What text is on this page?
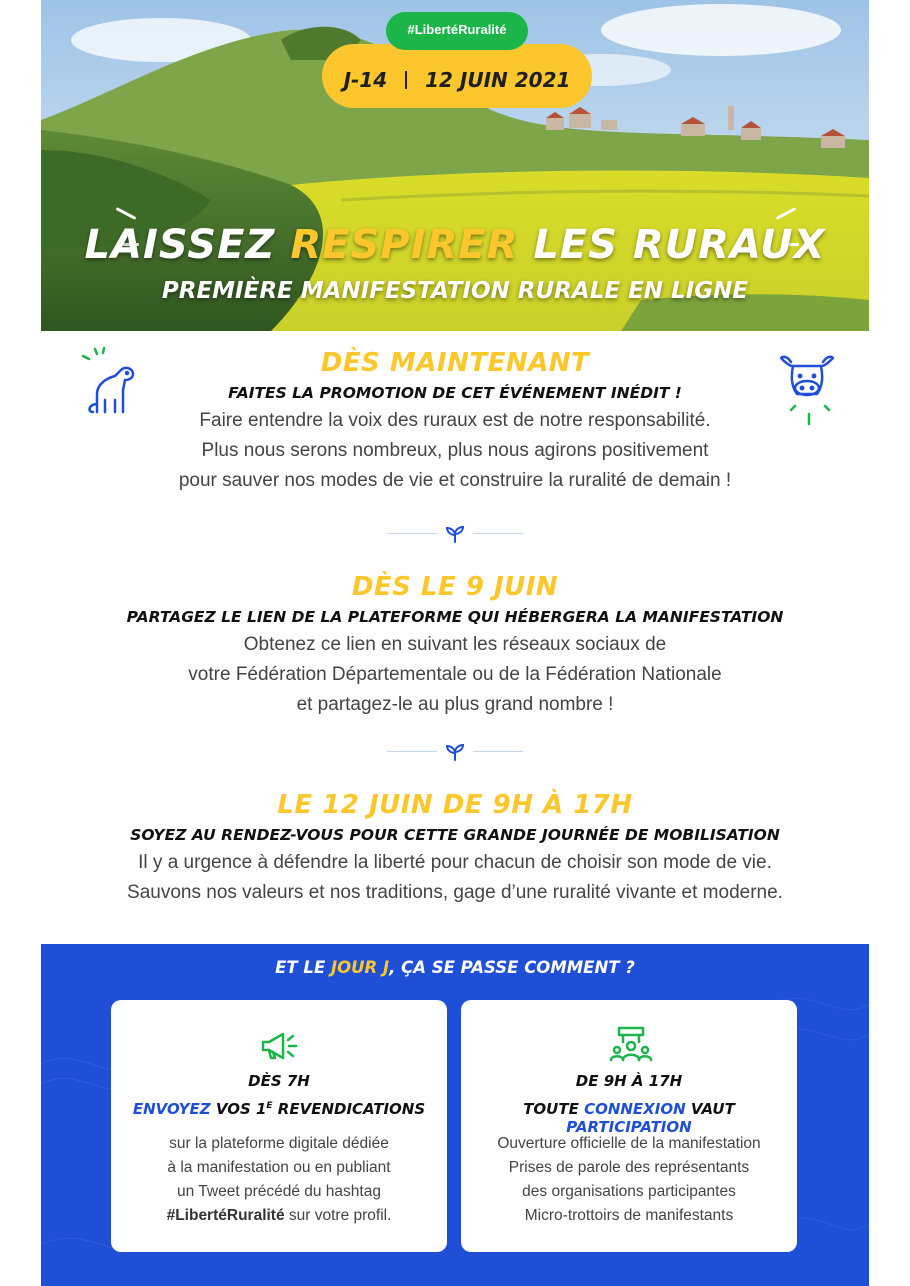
#LibertéRuralité
J-14 12 JUIN 2021
LAISSEZ RESPIRER LES RURAUX
PREMIÈRE MANIFESTATION RURALE EN LIGNE
DÈS MAINTENANT
FAITES LA PROMOTION DE CET ÉVÉNEMENT INÉDIT !
Faire entendre la voix des ruraux est de notre responsabilité.
Plus nous serons nombreux, plus nous agirons positivement
pour sauver nos modes de vie et construire la ruralité de demain !
DÈS LE 9 JUIN
PARTAGEZ LE LIEN DE LA PLATEFORME QUI HÉBERGERA LA MANIFESTATION
Obtenez ce lien en suivant les réseaux sociaux de
votre Fédération Départementale ou de la Fédération Nationale
et partagez-le au plus grand nombre !
LE 12 JUIN DE 9H À 17H
SOYEZ AU RENDEZ-VOUS POUR CETTE GRANDE JOURNÉE DE MOBILISATION
Il y a urgence à défendre la liberté pour chacun de choisir son mode de vie.
Sauvons nos valeurs et nos traditions, gage d’une ruralité vivante et moderne.
ET LE JOUR J, ÇA SE PASSE COMMENT ?
DÈS 7H
ENVOYEZ VOS $1^E$ REVENDICATIONS
sur la plateforme digitale dédiée
à la manifestation ou en publiant
un Tweet précédé du hashtag
#LibertéRuralité sur votre profil.
DE 9H À 17H
TOUTE CONNEXION VAUT PARTICIPATION
Ouverture officielle de la manifestation
Prises de parole des représentants
des organisations participantes
Micro-trottoirs de manifestants
